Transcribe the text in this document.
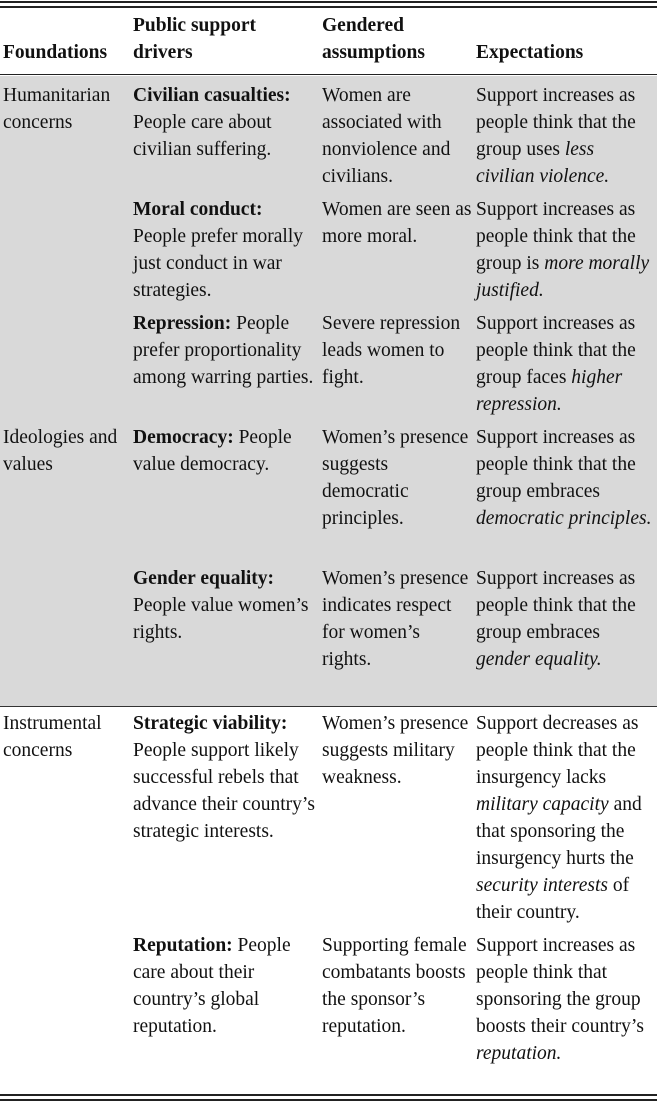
Foundations
Public support drivers
Gendered assumptions	Expectations
Humanitarian concerns
Civilian casualties: People care about civilian suffering.
Women are associated with nonviolence and civilians.
Support increases as people think that the group uses less civilian violence.
Moral conduct: People prefer morally just conduct in war strategies.
Women are seen as more moral.
Support increases as people think that the group is more morally justified.
Repression: People prefer proportionality among warring parties.
Severe repression leads women to fight.
Support increases as people think that the group faces higher repression.
Ideologies and values
Democracy: People value democracy.
Women’s presence suggests democratic principles.
Support increases as people think that the group embraces democratic principles.
Gender equality: People value women’s rights.
Women’s presence indicates respect for women’s rights.
Support increases as people think that the group embraces gender equality.
Instrumental concerns
Strategic viability: People support likely successful rebels that advance their country’s strategic interests.
Women’s presence suggests military weakness.
Support decreases as people think that the insurgency lacks military capacity and that sponsoring the insurgency hurts the security interests of their country.
Reputation: People care about their country’s global reputation.
Supporting female combatants boosts the sponsor’s reputation.
Support increases as people think that sponsoring the group boosts their country’s reputation.
